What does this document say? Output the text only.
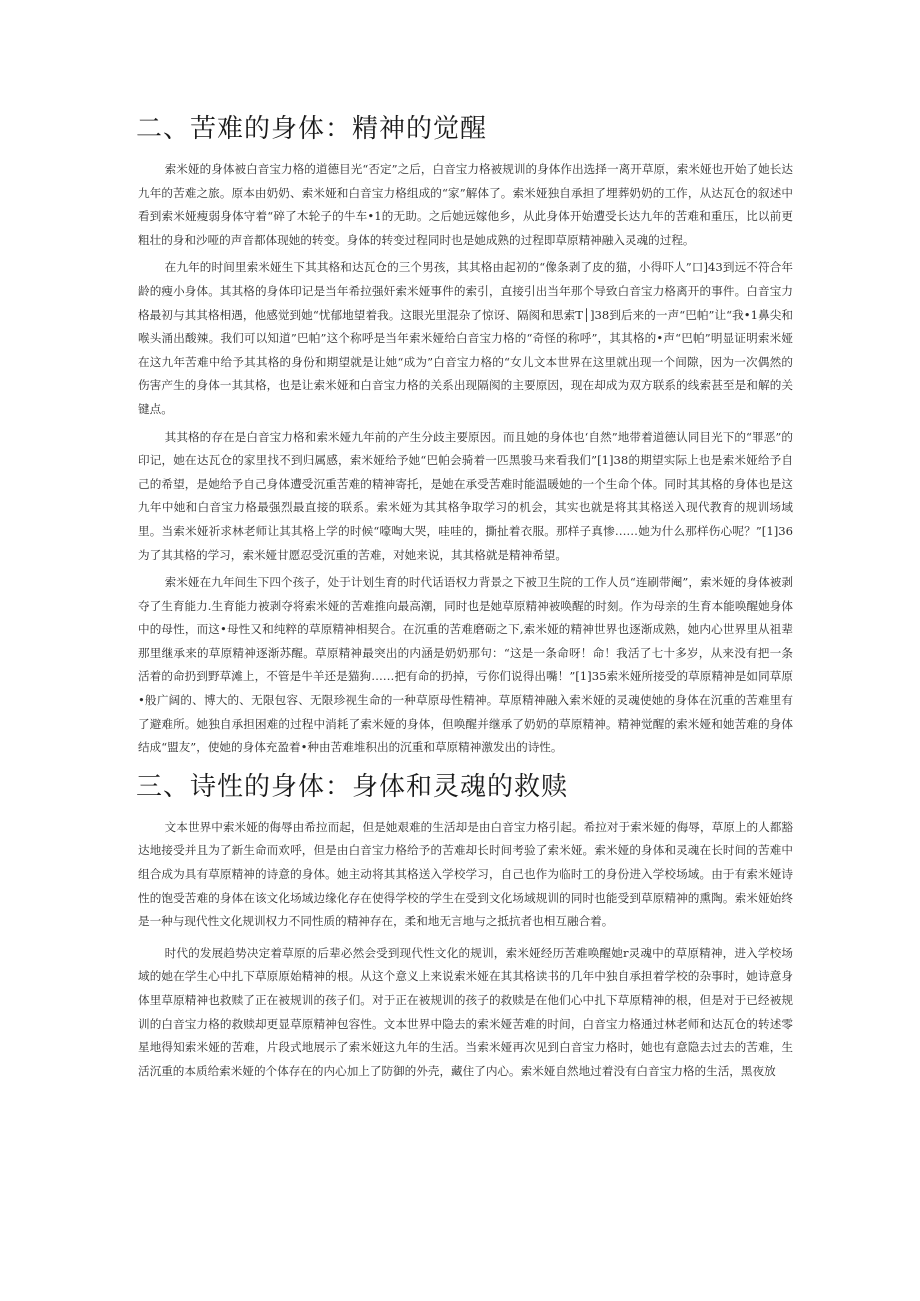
二、苦难的身体：精神的觉醒

索米娅的身体被白音宝力格的道德目光“否定”之后，白音宝力格被规训的身体作出选择一离开草原，索米娅也开始了她长达九年的苦难之旅。原本由奶奶、索米娅和白音宝力格组成的“家”解体了。索米娅独自承担了埋葬奶奶的工作，从达瓦仓的叙述中看到索米娅瘦弱身体守着“碎了木轮子的牛车•1的无助。之后她远嫁他乡，从此身体开始遭受长达九年的苦难和重压，比以前更粗壮的身和沙哑的声音都体现她的转变。身体的转变过程同时也是她成熟的过程即草原精神融入灵魂的过程。

在九年的时间里索米娅生下其其格和达瓦仓的三个男孩，其其格由起初的“像条剥了皮的猫，小得吓人”口]43到远不符合年龄的瘦小身体。其其格的身体印记是当年希拉强奸索米娅事件的索引，直接引出当年那个导致白音宝力格离开的事件。白音宝力格最初与其其格相遇，他感觉到她“忧郁地望着我。这眼光里混杂了惊讶、隔阂和思索T│]38到后来的一声“巴帕”让“我•1鼻尖和喉头涌出酸辣。我们可以知道”巴帕”这个称呼是当年索米娅给白音宝力格的“奇怪的称呼”，其其格的•声“巴帕”明显证明索米娅在这九年苦难中给予其其格的身份和期望就是让她“成为”白音宝力格的“女儿文本世界在这里就出现一个间隙，因为一次偶然的伤害产生的身体一其其格，也是让索米娅和白音宝力格的关系出现隔阂的主要原因，现在却成为双方联系的线索甚至是和解的关键点。

其其格的存在是白音宝力格和索米娅九年前的产生分歧主要原因。而且她的身体也‘自然”地带着道德认同目光下的“罪恶”的印记，她在达瓦仓的家里找不到归属感，索米娅给予她“巴帕会骑着一匹黑骏马来看我们”[1]38的期望实际上也是索米娅给予自己的希望，是她给予自己身体遭受沉重苦难的精神寄托，是她在承受苦难时能温暖她的一个生命个体。同时其其格的身体也是这九年中她和白音宝力格最强烈最直接的联系。索米娅为其其格争取学习的机会，其实也就是将其其格送入现代教育的规训场域里。当索米娅祈求林老师让其其格上学的时候“嚎啕大哭，哇哇的，撕扯着衣服。那样子真惨……她为什么那样伤心呢？”[1]36为了其其格的学习，索米娅甘愿忍受沉重的苦难，对她来说，其其格就是精神希望。

索米娅在九年间生下四个孩子，处于计划生育的时代话语权力背景之下被卫生院的工作人员“连刷带阉”，索米娅的身体被剥夺了生育能力.生育能力被剥夺将索米娅的苦难推向最高潮，同时也是她草原精神被唤醒的时刻。作为母亲的生育本能唤醒她身体中的母性，而这•母性又和纯粹的草原精神相契合。在沉重的苦难磨砺之下,索米娅的精神世界也逐渐成熟，她内心世界里从祖辈那里继承来的草原精神逐渐苏醒。草原精神最突出的内涵是奶奶那句：“这是一条命呀！命！我活了七十多岁，从来没有把一条活着的命扔到野草滩上，不管是牛羊还是猫狗……把有命的扔掉，亏你们说得出嘴！”[1]35索米娅所接受的草原精神是如同草原•般广阔的、博大的、无限包容、无限珍视生命的一种草原母性精神。草原精神融入索米娅的灵魂使她的身体在沉重的苦难里有了避难所。她独自承担困难的过程中消耗了索米娅的身体，但唤醒并继承了奶奶的草原精神。精神觉醒的索米娅和她苦难的身体结成“盟友”，使她的身体充盈着•种由苦难堆积出的沉重和草原精神激发出的诗性。

三、诗性的身体：身体和灵魂的救赎

文本世界中索米娅的侮辱由希拉而起，但是她艰难的生活却是由白音宝力格引起。希拉对于索米娅的侮辱，草原上的人都豁达地接受并且为了新生命而欢呼，但是由白音宝力格给予的苦难却长时间考验了索米娅。索米娅的身体和灵魂在长时间的苦难中组合成为具有草原精神的诗意的身体。她主动将其其格送入学校学习，自己也作为临时工的身份进入学校场域。由于有索米娅诗性的饱受苦难的身体在该文化场域边缘化存在使得学校的学生在受到文化场域规训的同时也能受到草原精神的熏陶。索米娅始终是一种与现代性文化规训权力不同性质的精神存在，柔和地无言地与之抵抗者也相互融合着。

时代的发展趋势决定着草原的后辈必然会受到现代性文化的规训，索米娅经历苦难唤醒她r灵魂中的草原精神，进入学校场域的她在学生心中扎下草原原始精神的根。从这个意义上来说索米娅在其其格读书的几年中独自承担着学校的杂事时，她诗意身体里草原精神也救赎了正在被规训的孩子们。对于正在被规训的孩子的救赎是在他们心中扎下草原精神的根，但是对于已经被规训的白音宝力格的救赎却更显草原精神包容性。文本世界中隐去的索米娅苦难的时间，白音宝力格通过林老师和达瓦仓的转述零星地得知索米娅的苦难，片段式地展示了索米娅这九年的生活。当索米娅再次见到白音宝力格时，她也有意隐去过去的苦难，生活沉重的本质给索米娅的个体存在的内心加上了防御的外壳，藏住了内心。索米娅自然地过着没有白音宝力格的生活，黑夜放
